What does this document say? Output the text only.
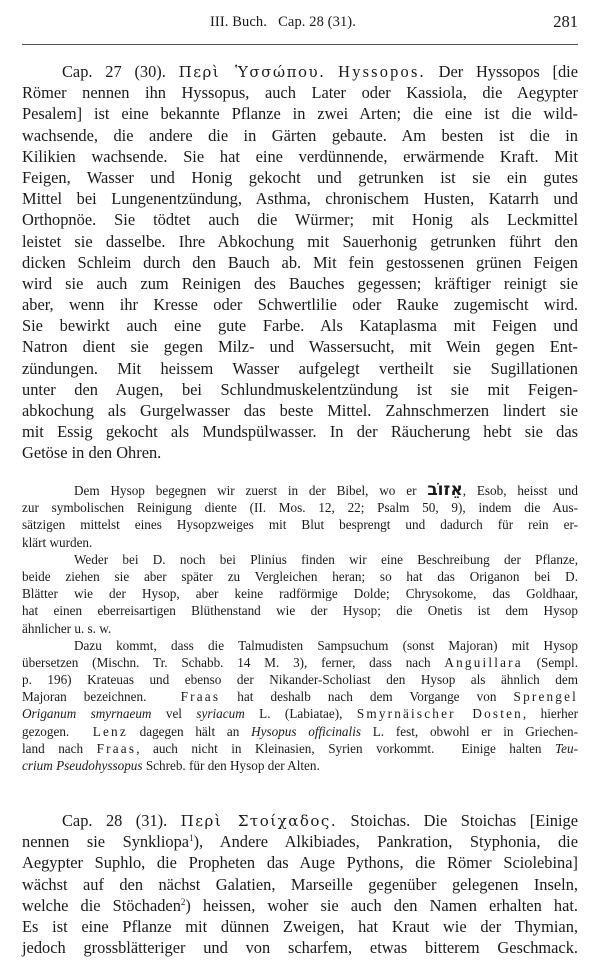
III. Buch.   Cap. 28 (31).	281
Cap. 27 (30). Περὶ Ὑσσώπου. Hyssopos. Der Hyssopos [die
Römer nennen ihn Hyssopus, auch Later oder Kassiola, die Aegypter
Pesalem] ist eine bekannte Pflanze in zwei Arten; die eine ist die wild-
wachsende, die andere die in Gärten gebaute. Am besten ist die in
Kilikien wachsende. Sie hat eine verdünnende, erwärmende Kraft. Mit
Feigen, Wasser und Honig gekocht und getrunken ist sie ein gutes
Mittel bei Lungenentzündung, Asthma, chronischem Husten, Katarrh und
Orthopnöe. Sie tödtet auch die Würmer; mit Honig als Leckmittel
leistet sie dasselbe. Ihre Abkochung mit Sauerhonig getrunken führt den
dicken Schleim durch den Bauch ab. Mit fein gestossenen grünen Feigen
wird sie auch zum Reinigen des Bauches gegessen; kräftiger reinigt sie
aber, wenn ihr Kresse oder Schwertlilie oder Rauke zugemischt wird.
Sie bewirkt auch eine gute Farbe. Als Kataplasma mit Feigen und
Natron dient sie gegen Milz- und Wassersucht, mit Wein gegen Ent-
zündungen. Mit heissem Wasser aufgelegt vertheilt sie Sugillationen
unter den Augen, bei Schlundmuskelentzündung ist sie mit Feigen-
abkochung als Gurgelwasser das beste Mittel. Zahnschmerzen lindert sie
mit Essig gekocht als Mundspülwasser. In der Räucherung hebt sie das
Getöse in den Ohren.
Dem Hysop begegnen wir zuerst in der Bibel, wo er אֵזוֹב, Esob, heisst und
zur symbolischen Reinigung diente (II. Mos. 12, 22; Psalm 50, 9), indem die Aus-
sätzigen mittelst eines Hysopzweiges mit Blut besprengt und dadurch für rein er-
klärt wurden.
Weder bei D. noch bei Plinius finden wir eine Beschreibung der Pflanze,
beide ziehen sie aber später zu Vergleichen heran; so hat das Origanon bei D.
Blätter wie der Hysop, aber keine radförmige Dolde; Chrysokome, das Goldhaar,
hat einen eberreisartigen Blüthenstand wie der Hysop; die Onetis ist dem Hysop
ähnlicher u. s. w.
Dazu kommt, dass die Talmudisten Sampsuchum (sonst Majoran) mit Hysop
übersetzen (Mischn. Tr. Schabb. 14 M. 3), ferner, dass nach Anguillara (Sempl.
p. 196) Krateuas und ebenso der Nikander-Scholiast den Hysop als ähnlich dem
Majoran bezeichnen.  Fraas hat deshalb nach dem Vorgange von Sprengel
Origanum smyrnaeum vel syriacum L. (Labiatae), Smyrnäischer Dosten, hierher
gezogen.  Lenz dagegen hält an Hysopus officinalis L. fest, obwohl er in Griechen-
land nach Fraas, auch nicht in Kleinasien, Syrien vorkommt.  Einige halten Teu-
crium Pseudohyssopus Schreb. für den Hysop der Alten.
Cap. 28 (31). Περὶ Στοίχαδος. Stoichas. Die Stoichas [Einige
nennen sie Synkliopa$^1$), Andere Alkibiades, Pankration, Styphonia, die
Aegypter Suphlo, die Propheten das Auge Pythons, die Römer Sciolebina]
wächst auf den nächst Galatien, Marseille gegenüber gelegenen Inseln,
welche die Stöchaden$^2$) heissen, woher sie auch den Namen erhalten hat.
Es ist eine Pflanze mit dünnen Zweigen, hat Kraut wie der Thymian,
jedoch grossblätteriger und von scharfem, etwas bitterem Geschmack.
